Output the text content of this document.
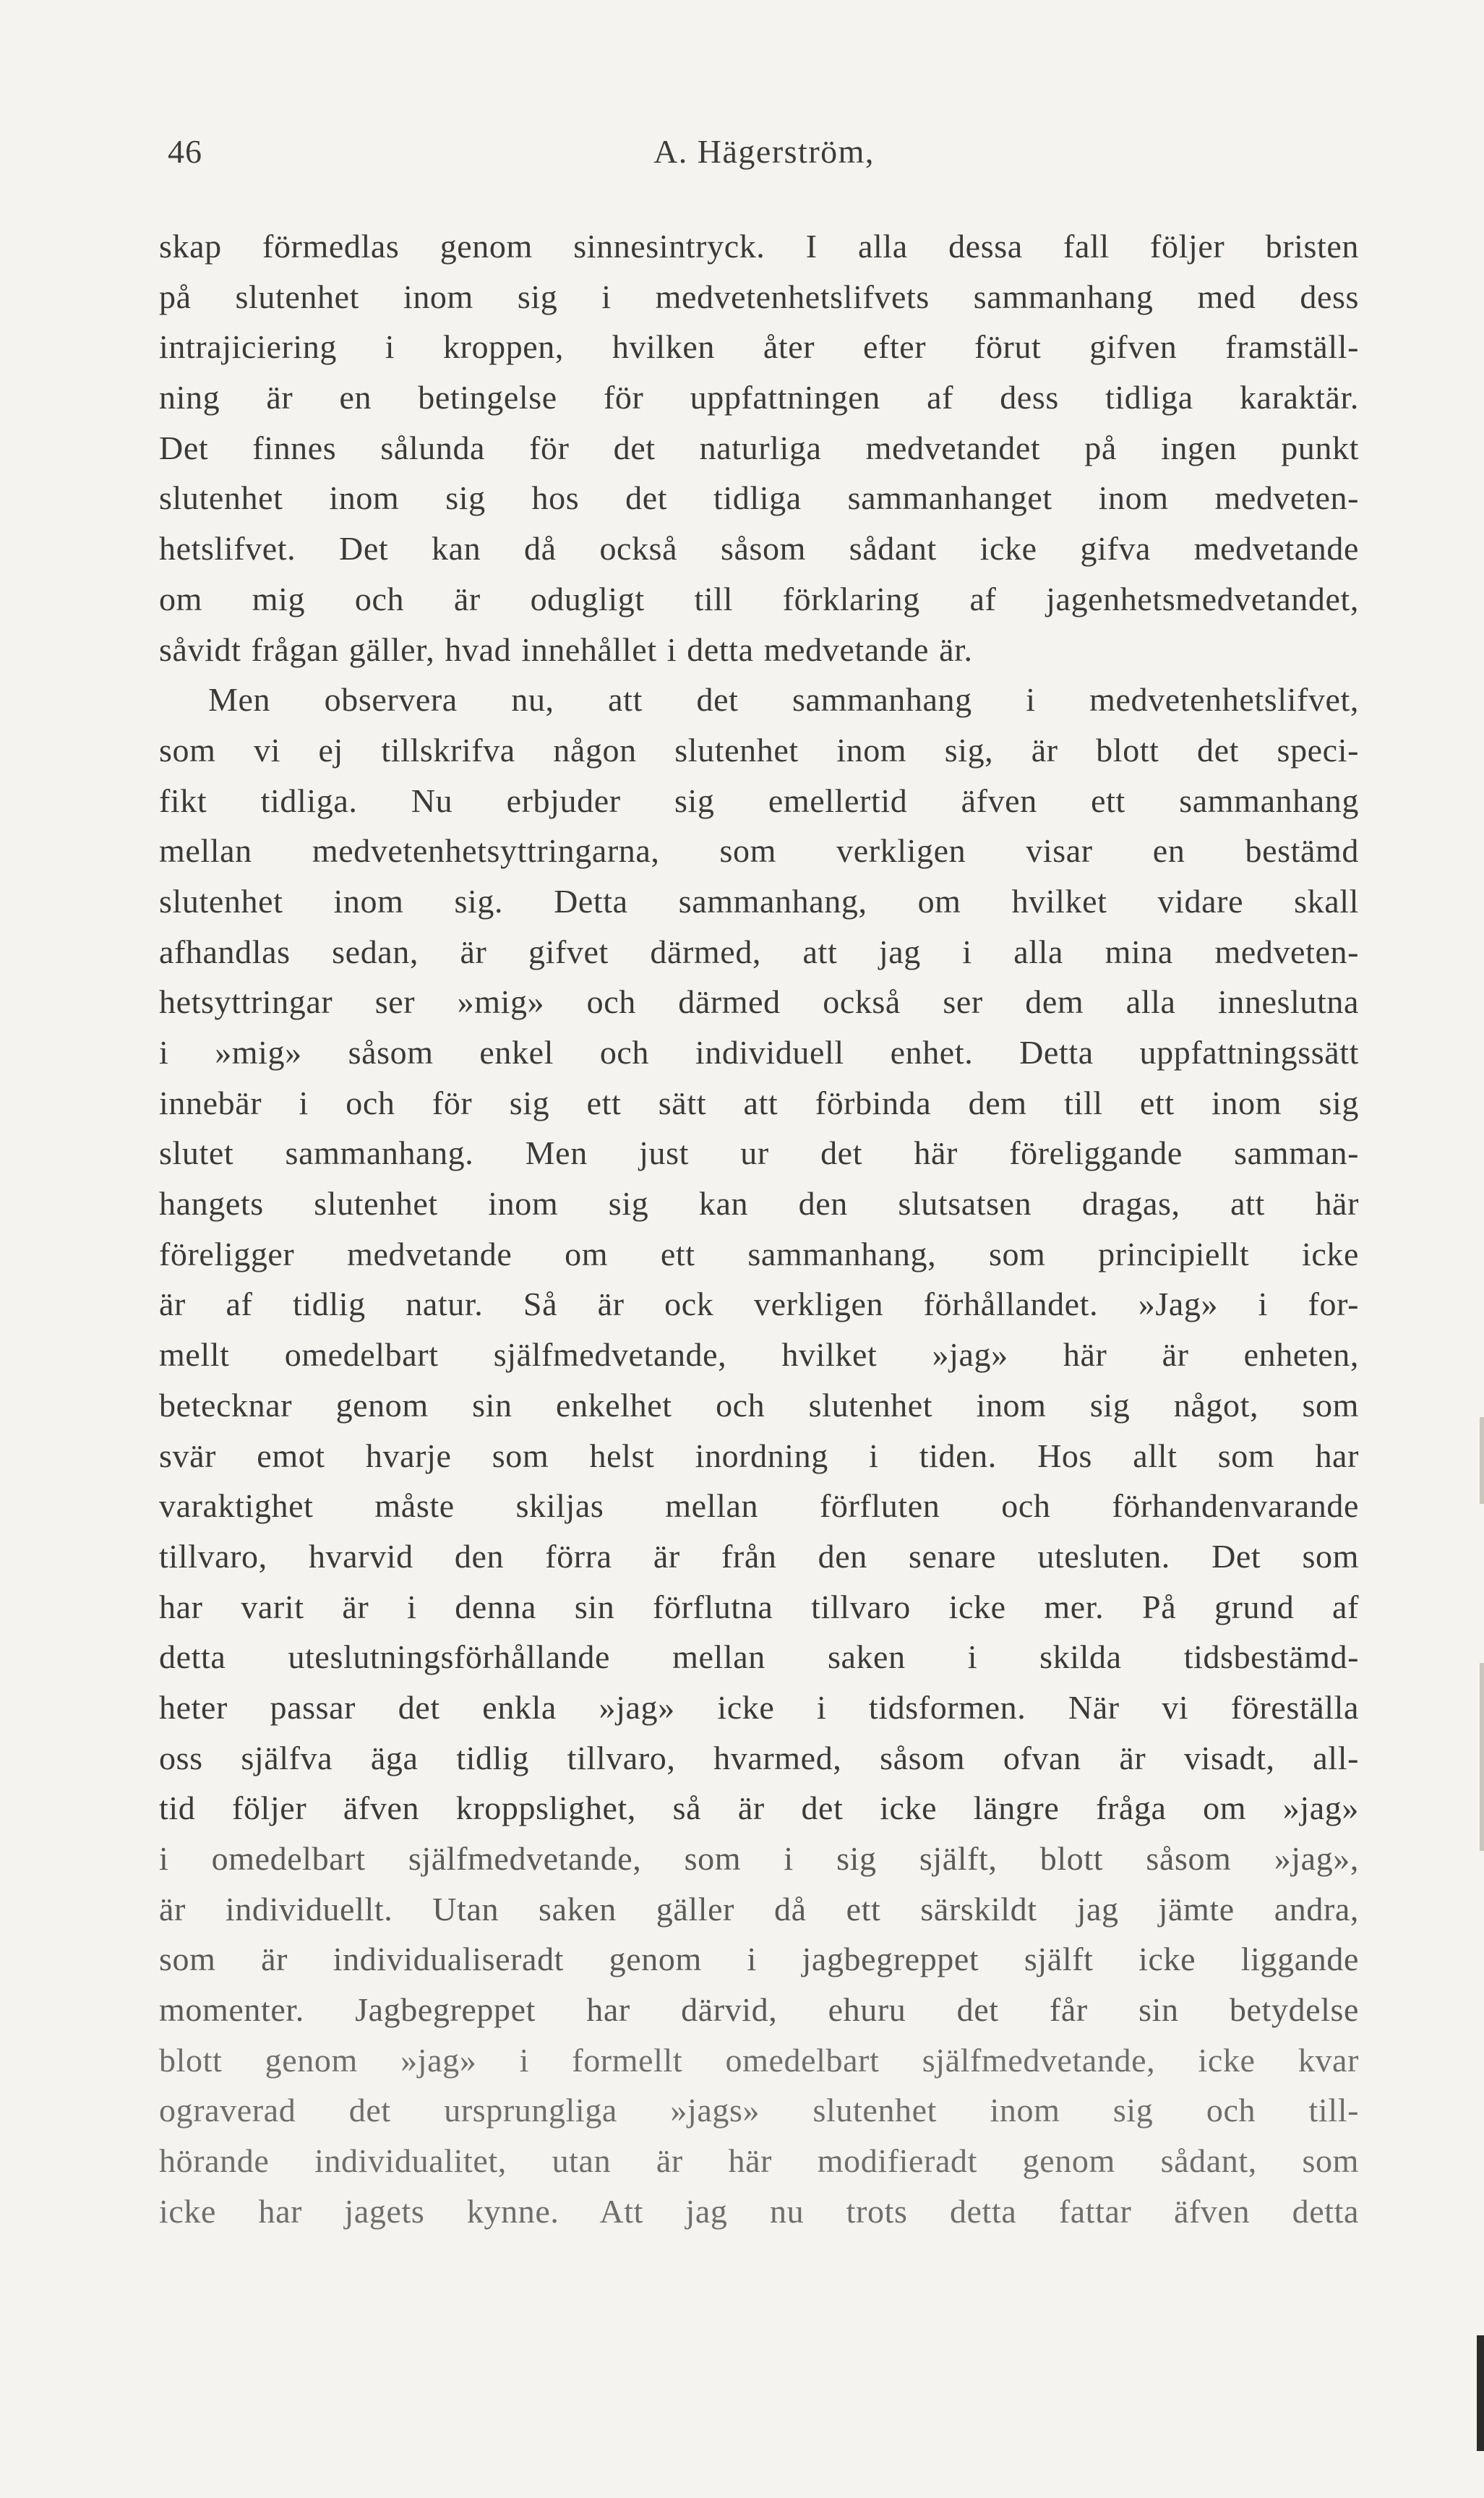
46	A. Hägerström,
skap förmedlas genom sinnesintryck. I alla dessa fall följer bristen
på slutenhet inom sig i medvetenhetslifvets sammanhang med dess
intrajiciering i kroppen, hvilken åter efter förut gifven framställ-
ning är en betingelse för uppfattningen af dess tidliga karaktär.
Det finnes sålunda för det naturliga medvetandet på ingen punkt
slutenhet inom sig hos det tidliga sammanhanget inom medveten-
hetslifvet. Det kan då också såsom sådant icke gifva medvetande
om mig och är odugligt till förklaring af jagenhetsmedvetandet,
såvidt frågan gäller, hvad innehållet i detta medvetande är.
Men observera nu, att det sammanhang i medvetenhetslifvet,
som vi ej tillskrifva någon slutenhet inom sig, är blott det speci-
fikt tidliga. Nu erbjuder sig emellertid äfven ett sammanhang
mellan medvetenhetsyttringarna, som verkligen visar en bestämd
slutenhet inom sig. Detta sammanhang, om hvilket vidare skall
afhandlas sedan, är gifvet därmed, att jag i alla mina medveten-
hetsyttringar ser »mig» och därmed också ser dem alla inneslutna
i »mig» såsom enkel och individuell enhet. Detta uppfattningssätt
innebär i och för sig ett sätt att förbinda dem till ett inom sig
slutet sammanhang. Men just ur det här föreliggande samman-
hangets slutenhet inom sig kan den slutsatsen dragas, att här
föreligger medvetande om ett sammanhang, som principiellt icke
är af tidlig natur. Så är ock verkligen förhållandet. »Jag» i for-
mellt omedelbart själfmedvetande, hvilket »jag» här är enheten,
betecknar genom sin enkelhet och slutenhet inom sig något, som
svär emot hvarje som helst inordning i tiden. Hos allt som har
varaktighet måste skiljas mellan förfluten och förhandenvarande
tillvaro, hvarvid den förra är från den senare utesluten. Det som
har varit är i denna sin förflutna tillvaro icke mer. På grund af
detta uteslutningsförhållande mellan saken i skilda tidsbestämd-
heter passar det enkla »jag» icke i tidsformen. När vi föreställa
oss själfva äga tidlig tillvaro, hvarmed, såsom ofvan är visadt, all-
tid följer äfven kroppslighet, så är det icke längre fråga om »jag»
i omedelbart själfmedvetande, som i sig själft, blott såsom »jag»,
är individuellt. Utan saken gäller då ett särskildt jag jämte andra,
som är individualiseradt genom i jagbegreppet själft icke liggande
momenter. Jagbegreppet har därvid, ehuru det får sin betydelse
blott genom »jag» i formellt omedelbart själfmedvetande, icke kvar
ograverad det ursprungliga »jags» slutenhet inom sig och till-
hörande individualitet, utan är här modifieradt genom sådant, som
icke har jagets kynne. Att jag nu trots detta fattar äfven detta
